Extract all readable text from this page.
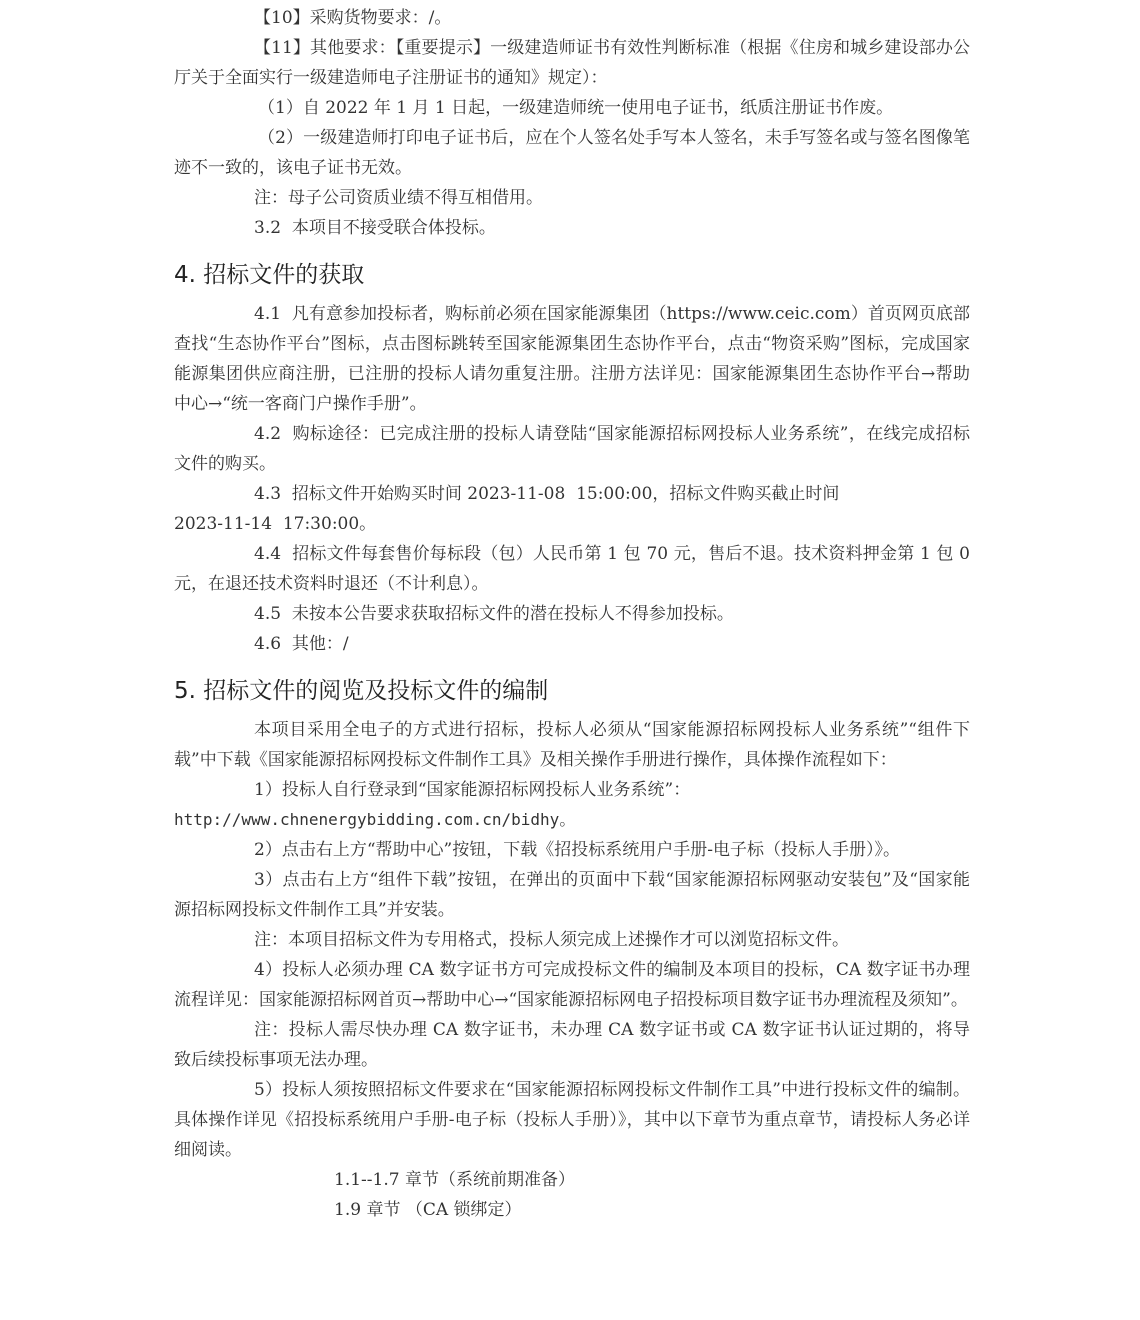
【10】采购货物要求：/。

【11】其他要求：【重要提示】一级建造师证书有效性判断标准（根据《住房和城乡建设部办公厅关于全面实行一级建造师电子注册证书的通知》规定）：

（1）自 2022 年 1 月 1 日起，一级建造师统一使用电子证书，纸质注册证书作废。

（2）一级建造师打印电子证书后，应在个人签名处手写本人签名，未手写签名或与签名图像笔迹不一致的，该电子证书无效。

注：母子公司资质业绩不得互相借用。

3.2  本项目不接受联合体投标。

4. 招标文件的获取

4.1  凡有意参加投标者，购标前必须在国家能源集团（https://www.ceic.com）首页网页底部查找“生态协作平台”图标，点击图标跳转至国家能源集团生态协作平台，点击“物资采购”图标，完成国家能源集团供应商注册，已注册的投标人请勿重复注册。注册方法详见：国家能源集团生态协作平台→帮助中心→“统一客商门户操作手册”。

4.2  购标途径：已完成注册的投标人请登陆“国家能源招标网投标人业务系统”，在线完成招标文件的购买。

4.3  招标文件开始购买时间 2023-11-08  15:00:00，招标文件购买截止时间

2023-11-14  17:30:00。

4.4  招标文件每套售价每标段（包）人民币第 1 包 70 元，售后不退。技术资料押金第 1 包 0 元，在退还技术资料时退还（不计利息）。

4.5  未按本公告要求获取招标文件的潜在投标人不得参加投标。

4.6  其他：/

5. 招标文件的阅览及投标文件的编制

本项目采用全电子的方式进行招标，投标人必须从“国家能源招标网投标人业务系统”“组件下载”中下载《国家能源招标网投标文件制作工具》及相关操作手册进行操作，具体操作流程如下：

1）投标人自行登录到“国家能源招标网投标人业务系统”：

http://www.chnenergybidding.com.cn/bidhy。

2）点击右上方“帮助中心”按钮，下载《招投标系统用户手册-电子标（投标人手册）》。

3）点击右上方“组件下载”按钮，在弹出的页面中下载“国家能源招标网驱动安装包”及“国家能源招标网投标文件制作工具”并安装。

注：本项目招标文件为专用格式，投标人须完成上述操作才可以浏览招标文件。

4）投标人必须办理 CA 数字证书方可完成投标文件的编制及本项目的投标，CA 数字证书办理流程详见：国家能源招标网首页→帮助中心→“国家能源招标网电子招投标项目数字证书办理流程及须知”。

注：投标人需尽快办理 CA 数字证书，未办理 CA 数字证书或 CA 数字证书认证过期的，将导致后续投标事项无法办理。

5）投标人须按照招标文件要求在“国家能源招标网投标文件制作工具”中进行投标文件的编制。具体操作详见《招投标系统用户手册-电子标（投标人手册）》，其中以下章节为重点章节，请投标人务必详细阅读。

1.1--1.7 章节（系统前期准备）

1.9 章节 （CA 锁绑定）
